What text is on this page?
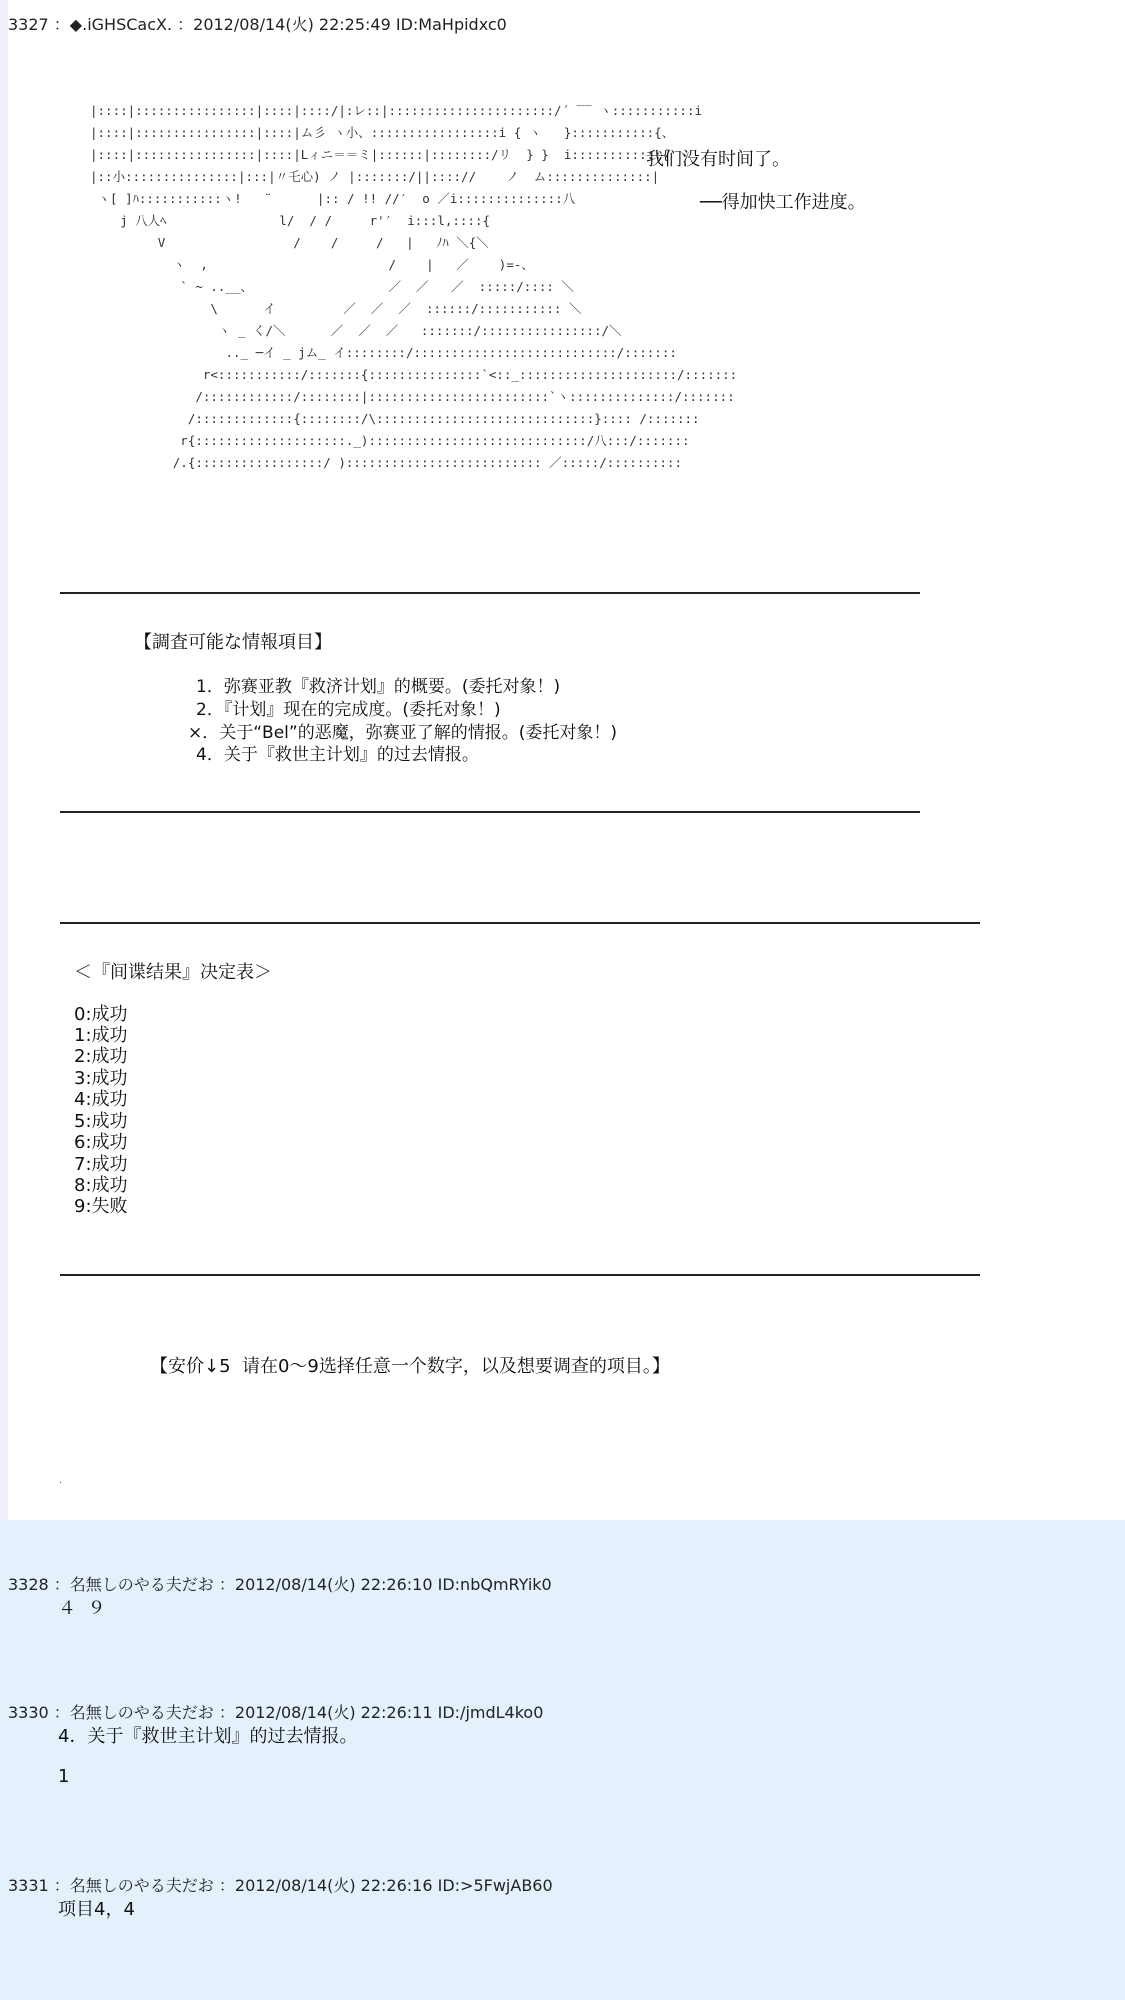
3327 ：◆.iGHSCacX. ：2012/08/14(火) 22:25:49 ID:MaHpidxc0
|::::|::::::::::::::::|::::|::::/|:レ::|::::::::::::::::::::::/´ ‾‾ ヽ:::::::::::i
|::::|::::::::::::::::|::::|ム彡 ヽ小、:::::::::::::::::i { ヽ   }:::::::::::{、
|::::|::::::::::::::::|::::|Lィニ＝＝ミ|::::::|::::::::/リ  } }  i::::::::::::{ ヽ
|::小:::::::::::::::|:::|〃乇心) ノ |:::::::/||:::://    ノ  ム::::::::::::::|
ヽ[ ]ﾊ:::::::::::ヽ!   ¨      |:: / !! //′  o ／i::::::::::::::八
j 八人ﾍ               l/  / /     r'′  i:::l,::::{
V                 /    /     /   |   ﾉﾊ ＼{＼
ヽ  ,                        /    |   ／    )=-、
` ~ ..__、                  ／  ／   ／  :::::/:::: ＼
\      イ         ／  ／  ／  ::::::/::::::::::: ＼
ヽ _ く/＼      ／  ／  ／   :::::::/::::::::::::::::/＼
.._ ─イ _ jム_ イ::::::::/:::::::::::::::::::::::::::/:::::::
r<:::::::::::/:::::::{:::::::::::::::`<::_:::::::::::::::::::::/:::::::
/::::::::::::/::::::::|::::::::::::::::::::::::`ヽ::::::::::::::/:::::::
/:::::::::::::{::::::::/\:::::::::::::::::::::::::::::}:::: /:::::::
r{::::::::::::::::::::._):::::::::::::::::::::::::::::/八:::/:::::::
/.{:::::::::::::::::/ ):::::::::::::::::::::::::: ／:::::/::::::::::
我们没有时间了。
──得加快工作进度。
【調査可能な情報項目】
1．弥赛亚教『救济计划』的概要。(委托对象！)
2．『计划』现在的完成度。(委托对象！)
×．关于“Bel”的恶魔，弥赛亚了解的情报。(委托对象！)
4．关于『救世主计划』的过去情报。
＜『间谍结果』决定表＞
0:成功
1:成功
2:成功
3:成功
4:成功
5:成功
6:成功
7:成功
8:成功
9:失败
【安价↓5  请在0～9选择任意一个数字，以及想要调查的项目。】
.
3328 ：名無しのやる夫だお ：2012/08/14(火) 22:26:10 ID:nbQmRYik0
４  ９
3330 ：名無しのやる夫だお ：2012/08/14(火) 22:26:11 ID:/jmdL4ko0
4．关于『救世主计划』的过去情报。
1
3331 ：名無しのやる夫だお ：2012/08/14(火) 22:26:16 ID:>5FwjAB60
项目4，4
